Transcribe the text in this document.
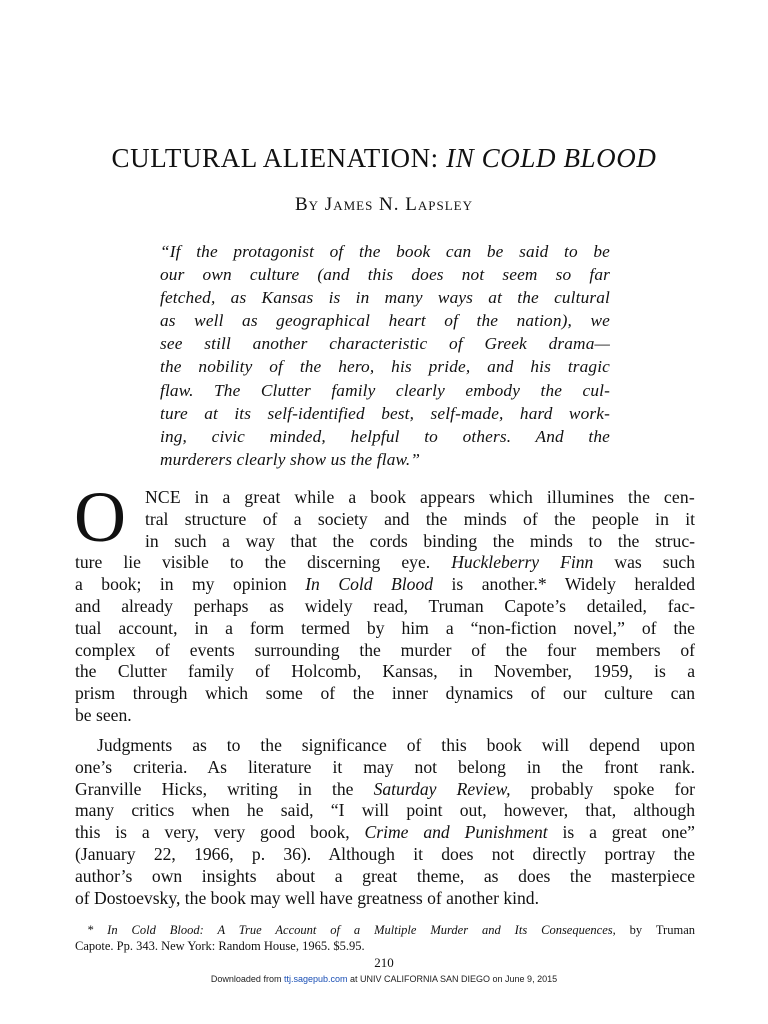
CULTURAL ALIENATION: IN COLD BLOOD
By James N. Lapsley
“If the protagonist of the book can be said to be
our own culture (and this does not seem so far
fetched, as Kansas is in many ways at the cultural
as well as geographical heart of the nation), we
see still another characteristic of Greek drama—
the nobility of the hero, his pride, and his tragic
flaw. The Clutter family clearly embody the cul-
ture at its self-identified best, self-made, hard work-
ing, civic minded, helpful to others. And the
murderers clearly show us the flaw.”
O	NCE in a great while a book appears which illumines the cen-
tral structure of a society and the minds of the people in it
in such a way that the cords binding the minds to the struc-
ture lie visible to the discerning eye. Huckleberry Finn was such
a book; in my opinion In Cold Blood is another.* Widely heralded
and already perhaps as widely read, Truman Capote’s detailed, fac-
tual account, in a form termed by him a “non-fiction novel,” of the
complex of events surrounding the murder of the four members of
the Clutter family of Holcomb, Kansas, in November, 1959, is a
prism through which some of the inner dynamics of our culture can
be seen.
Judgments as to the significance of this book will depend upon
one’s criteria. As literature it may not belong in the front rank.
Granville Hicks, writing in the Saturday Review, probably spoke for
many critics when he said, “I will point out, however, that, although
this is a very, very good book, Crime and Punishment is a great one”
(January 22, 1966, p. 36). Although it does not directly portray the
author’s own insights about a great theme, as does the masterpiece
of Dostoevsky, the book may well have greatness of another kind.
* In Cold Blood: A True Account of a Multiple Murder and Its Consequences, by Truman
Capote. Pp. 343. New York: Random House, 1965. $5.95.
210
Downloaded from ttj.sagepub.com at UNIV CALIFORNIA SAN DIEGO on June 9, 2015
